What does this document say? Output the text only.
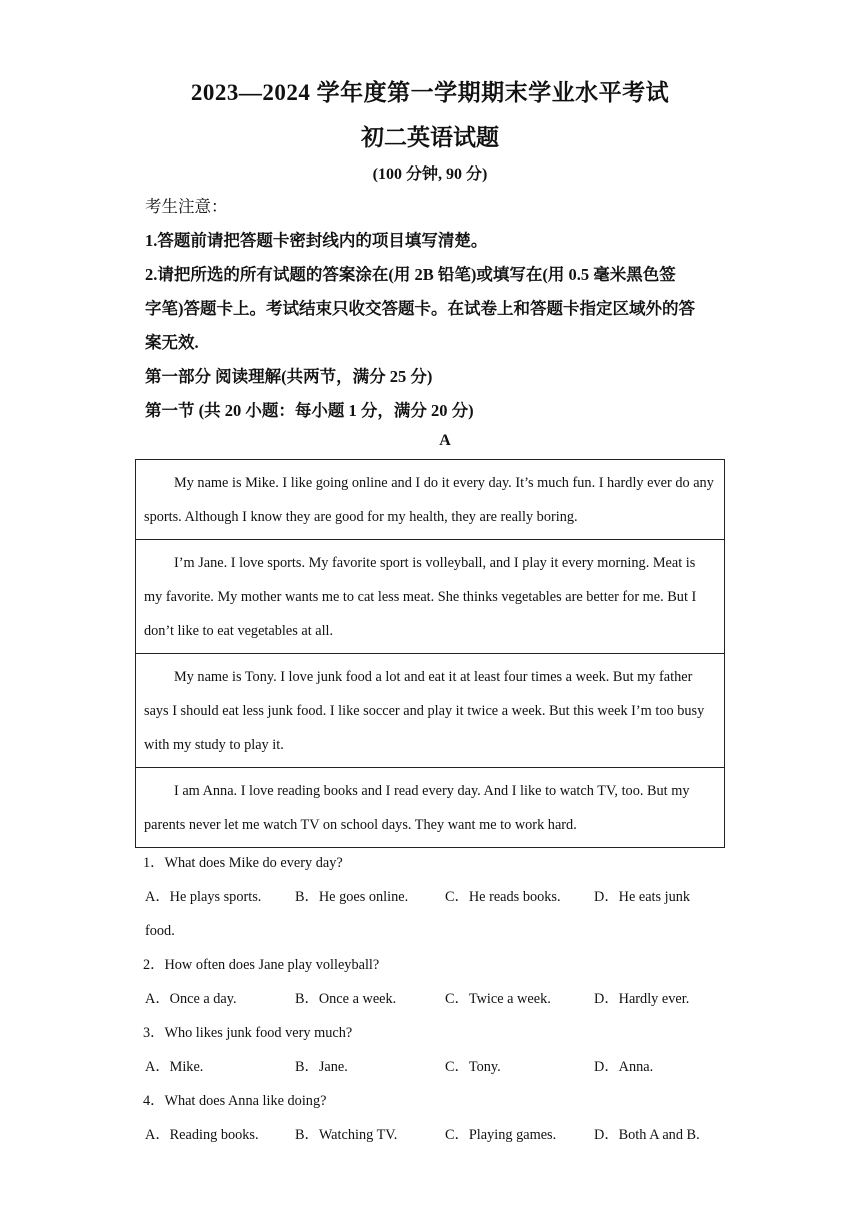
2023—2024 学年度第一学期期末学业水平考试
初二英语试题
(100 分钟, 90 分)
考生注意：
1.答题前请把答题卡密封线内的项目填写清楚。
2.请把所选的所有试题的答案涂在(用 2B 铅笔)或填写在(用 0.5 毫米黑色签
字笔)答题卡上。考试结束只收交答题卡。在试卷上和答题卡指定区域外的答
案无效.
第一部分 阅读理解(共两节，满分 25 分)
第一节 (共 20 小题：每小题 1 分，满分 20 分)
A
My name is Mike. I like going online and I do it every day. It’s much fun. I hardly ever do any sports. Although I know they are good for my health, they are really boring.
I’m Jane. I love sports. My favorite sport is volleyball, and I play it every morning. Meat is my favorite. My mother wants me to cat less meat. She thinks vegetables are better for me. But I don’t like to eat vegetables at all.
My name is Tony. I love junk food a lot and eat it at least four times a week. But my father says I should eat less junk food. I like soccer and play it twice a week. But this week I’m too busy with my study to play it.
I am Anna. I love reading books and I read every day. And I like to watch TV, too. But my parents never let me watch TV on school days. They want me to work hard.
1．What does Mike do every day?
A．He plays sports. B．He goes online.	C．He reads books. D．He eats junk
food.
2．How often does Jane play volleyball?
A．Once a day.	B．Once a week.	C．Twice a week.	D．Hardly ever.
3．Who likes junk food very much?
A．Mike.	B．Jane.	C．Tony.	D．Anna.
4．What does Anna like doing?
A．Reading books.	B．Watching TV.	C．Playing games.	D．Both A and B.
